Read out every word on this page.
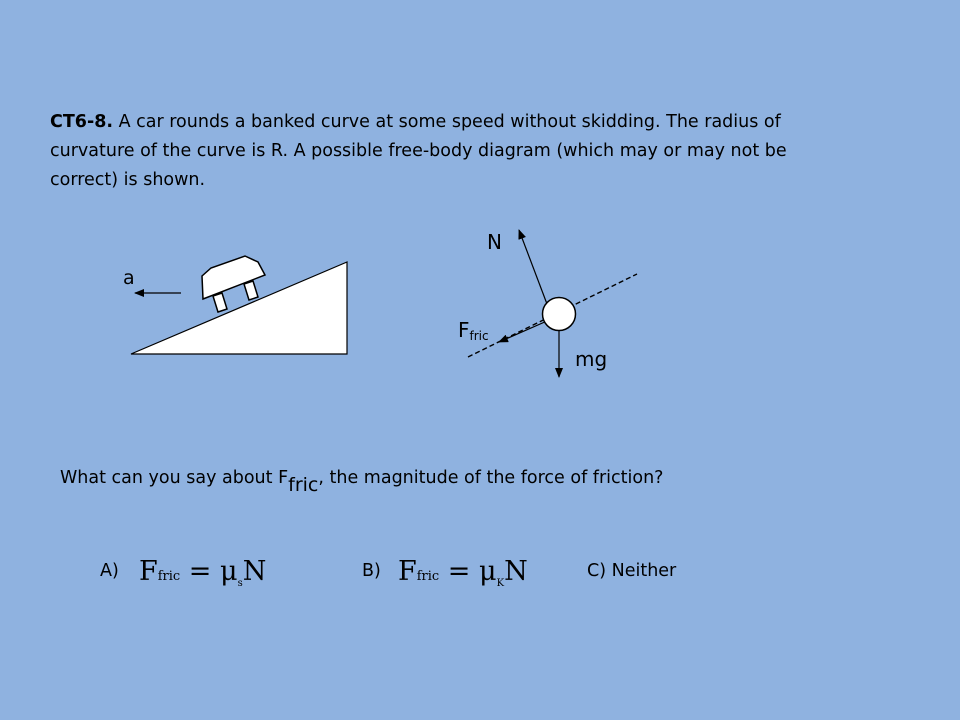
CT6-8. A car rounds a banked curve at some speed without skidding. The radius of curvature of the curve is R. A possible free-body diagram (which may or may not be correct) is shown.
a
N
Ffric
mg
What can you say about Ffric, the magnitude of the force of friction?
A) Ffric = $\mu_sN$	B) Ffric = $\mu_KN$	C) Neither
